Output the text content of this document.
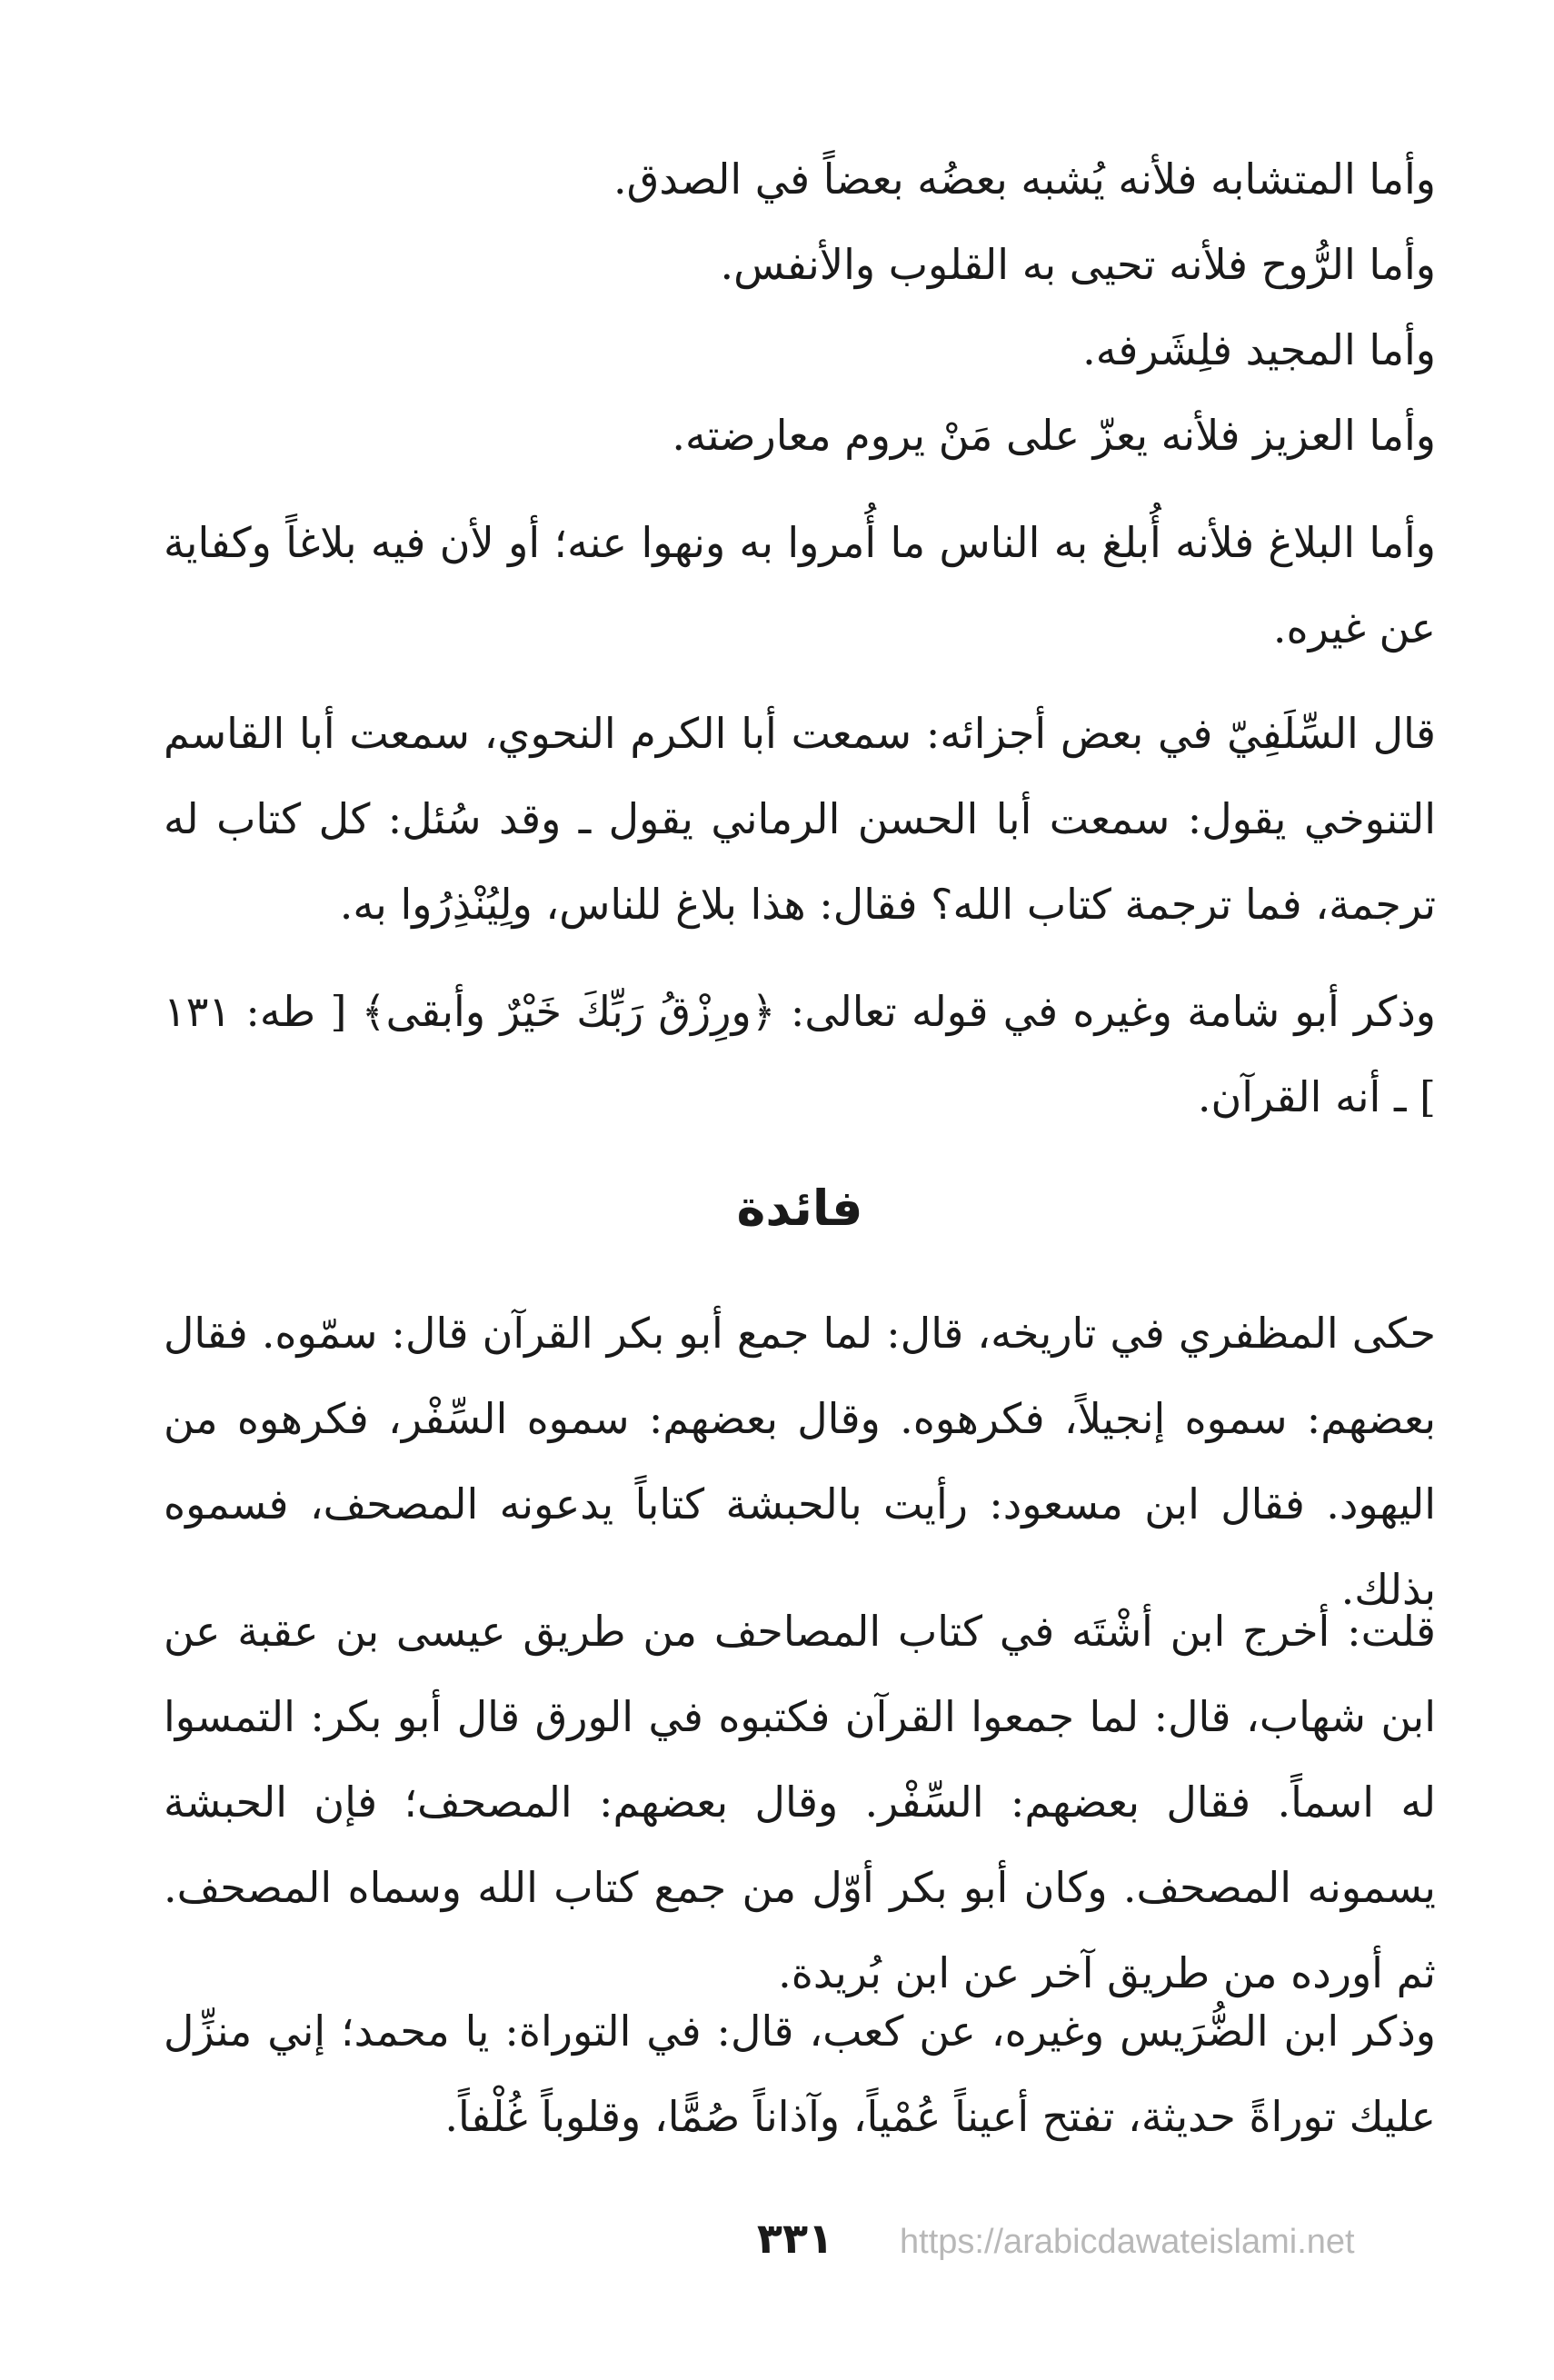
وأما المتشابه فلأنه يُشبه بعضُه بعضاً في الصدق.

وأما الرُّوح فلأنه تحيى به القلوب والأنفس.

وأما المجيد فلِشَرفه.

وأما العزيز فلأنه يعزّ على مَنْ يروم معارضته.

وأما البلاغ فلأنه أُبلغ به الناس ما أُمروا به ونهوا عنه؛ أو لأن فيه بلاغاً وكفاية عن غيره.

قال السِّلَفِيّ في بعض أجزائه: سمعت أبا الكرم النحوي، سمعت أبا القاسم التنوخي يقول: سمعت أبا الحسن الرماني يقول ـ وقد سُئل: كل كتاب له ترجمة، فما ترجمة كتاب الله؟ فقال: هذا بلاغ للناس، ولِيُنْذِرُوا به.

وذكر أبو شامة وغيره في قوله تعالى: ﴿ورِزْقُ رَبِّكَ خَيْرٌ وأبقى﴾ [ طه: ١٣١ ] ـ أنه القرآن.

فائدة

حكى المظفري في تاريخه، قال: لما جمع أبو بكر القرآن قال: سمّوه. فقال بعضهم: سموه إنجيلاً، فكرهوه. وقال بعضهم: سموه السِّفْر، فكرهوه من اليهود. فقال ابن مسعود: رأيت بالحبشة كتاباً يدعونه المصحف، فسموه بذلك.

قلت: أخرج ابن أشْتَه في كتاب المصاحف من طريق عيسى بن عقبة عن ابن شهاب، قال: لما جمعوا القرآن فكتبوه في الورق قال أبو بكر: التمسوا له اسماً. فقال بعضهم: السِّفْر. وقال بعضهم: المصحف؛ فإن الحبشة يسمونه المصحف. وكان أبو بكر أوّل من جمع كتاب الله وسماه المصحف. ثم أورده من طريق آخر عن ابن بُريدة.

وذكر ابن الضُّرَيس وغيره، عن كعب، قال: في التوراة: يا محمد؛ إني منزِّل عليك توراةً حديثة، تفتح أعيناً عُمْياً، وآذاناً صُمًّا، وقلوباً غُلْفاً.

٣٣١	https://arabicdawateislami.net
